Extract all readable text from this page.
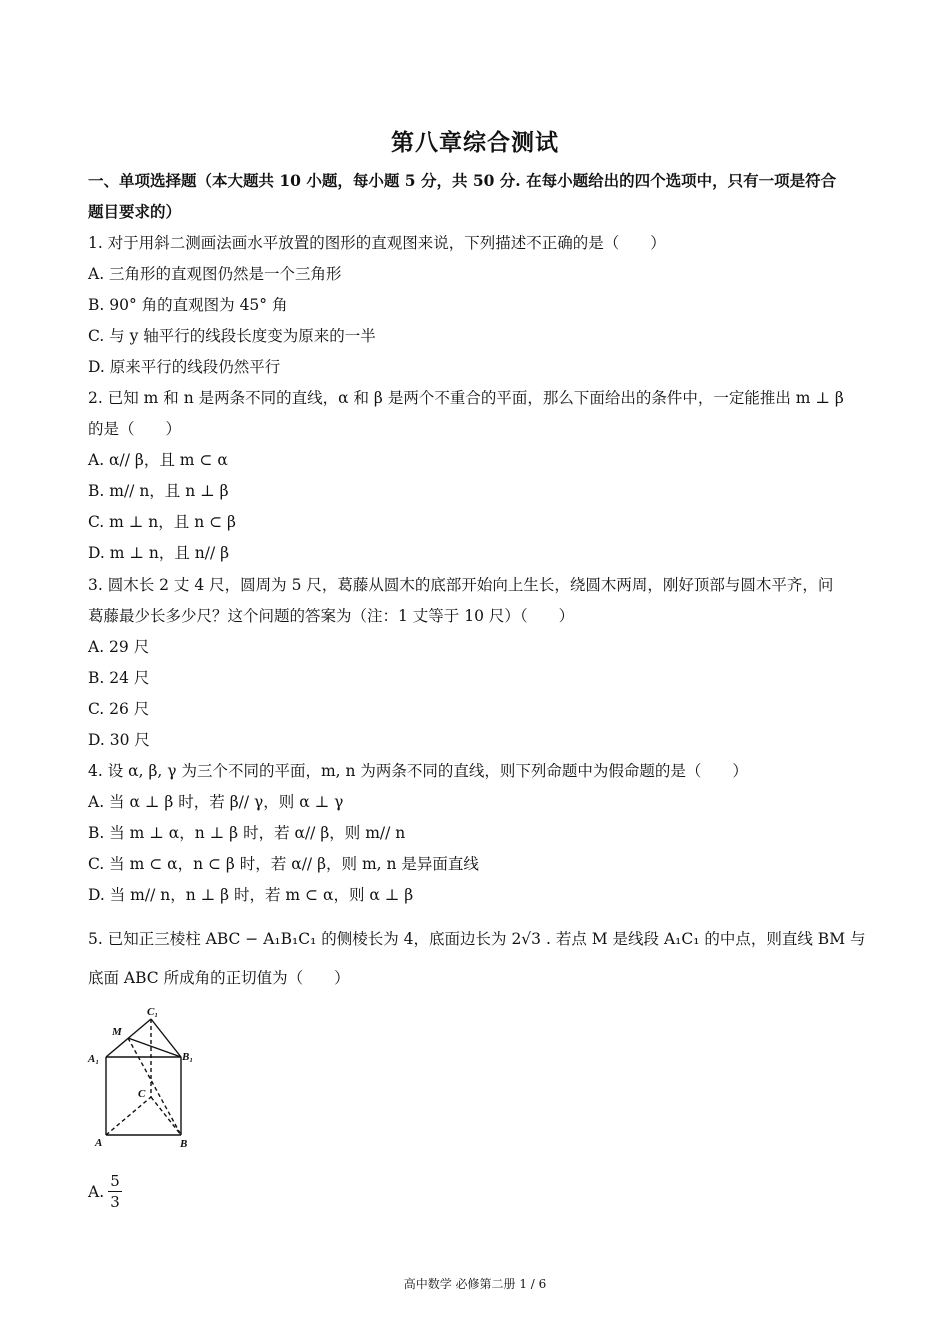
第八章综合测试
一、单项选择题（本大题共 10 小题，每小题 5 分，共 50 分. 在每小题给出的四个选项中，只有一项是符合
题目要求的）
1. 对于用斜二测画法画水平放置的图形的直观图来说，下列描述不正确的是（　　）
A. 三角形的直观图仍然是一个三角形
B. 90° 角的直观图为 45° 角
C. 与 y 轴平行的线段长度变为原来的一半
D. 原来平行的线段仍然平行
2. 已知 m 和 n 是两条不同的直线，α 和 β 是两个不重合的平面，那么下面给出的条件中，一定能推出 m ⊥ β
的是（　　）
A. α// β，且 m ⊂ α
B. m// n，且 n ⊥ β
C. m ⊥ n，且 n ⊂ β
D. m ⊥ n，且 n// β
3. 圆木长 2 丈 4 尺，圆周为 5 尺，葛藤从圆木的底部开始向上生长，绕圆木两周，刚好顶部与圆木平齐，问
葛藤最少长多少尺？这个问题的答案为（注：1 丈等于 10 尺）（　　）
A. 29 尺
B. 24 尺
C. 26 尺
D. 30 尺
4. 设 α, β, γ 为三个不同的平面，m, n 为两条不同的直线，则下列命题中为假命题的是（　　）
A. 当 α ⊥ β 时，若 β// γ，则 α ⊥ γ
B. 当 m ⊥ α，n ⊥ β 时，若 α// β，则 m// n
C. 当 m ⊂ α，n ⊂ β 时，若 α// β，则 m, n 是异面直线
D. 当 m// n，n ⊥ β 时，若 m ⊂ α，则 α ⊥ β
5. 已知正三棱柱 ABC − A₁B₁C₁ 的侧棱长为 4，底面边长为 2√3 . 若点 M 是线段 A₁C₁ 的中点，则直线 BM 与
底面 ABC 所成角的正切值为（　　）
C₁
M
A₁	B₁
C
A	B
A. $\frac{5}{3}$
高中数学 必修第二册 1 / 6
